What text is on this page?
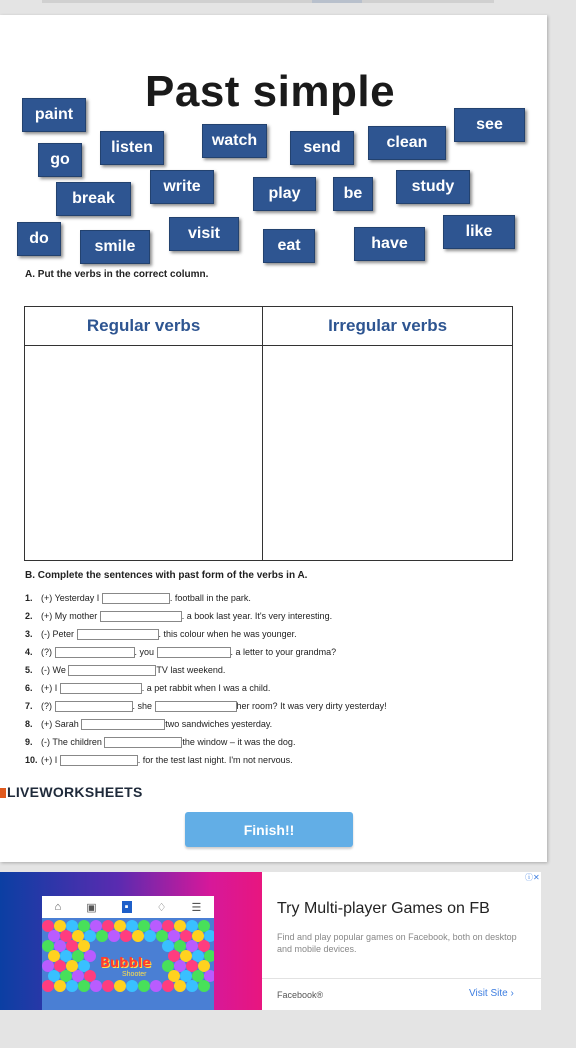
Past simple
paint
see
listen	watch	send	clean
go
break
write	play	be	study
do	smile
visit
eat	have
like
A. Put the verbs in the correct column.
Regular verbs	Irregular verbs

B. Complete the sentences with past form of the verbs in A.
1. (+) Yesterday I	. football in the park.
2. (+) My mother	. a book last year. It's very interesting.
3. (-) Peter	. this colour when he was younger.
4. (?)	. you	. a letter to your grandma?
5. (-) We	TV last weekend.
6. (+) I	. a pet rabbit when I was a child.
7. (?)	. she	her room? It was very dirty yesterday!
8. (+) Sarah	two sandwiches yesterday.
9. (-) The children	the window – it was the dog.
10. (+) I	. for the test last night. I'm not nervous.
LIVEWORKSHEETS
Finish!!
⌂ ▣	▪	♢ ☰
Bubble
Shooter
ⓘ✕
Try Multi-player Games on FB
Find and play popular games on Facebook, both on desktop and mobile devices.
Facebook®	Visit Site ›
